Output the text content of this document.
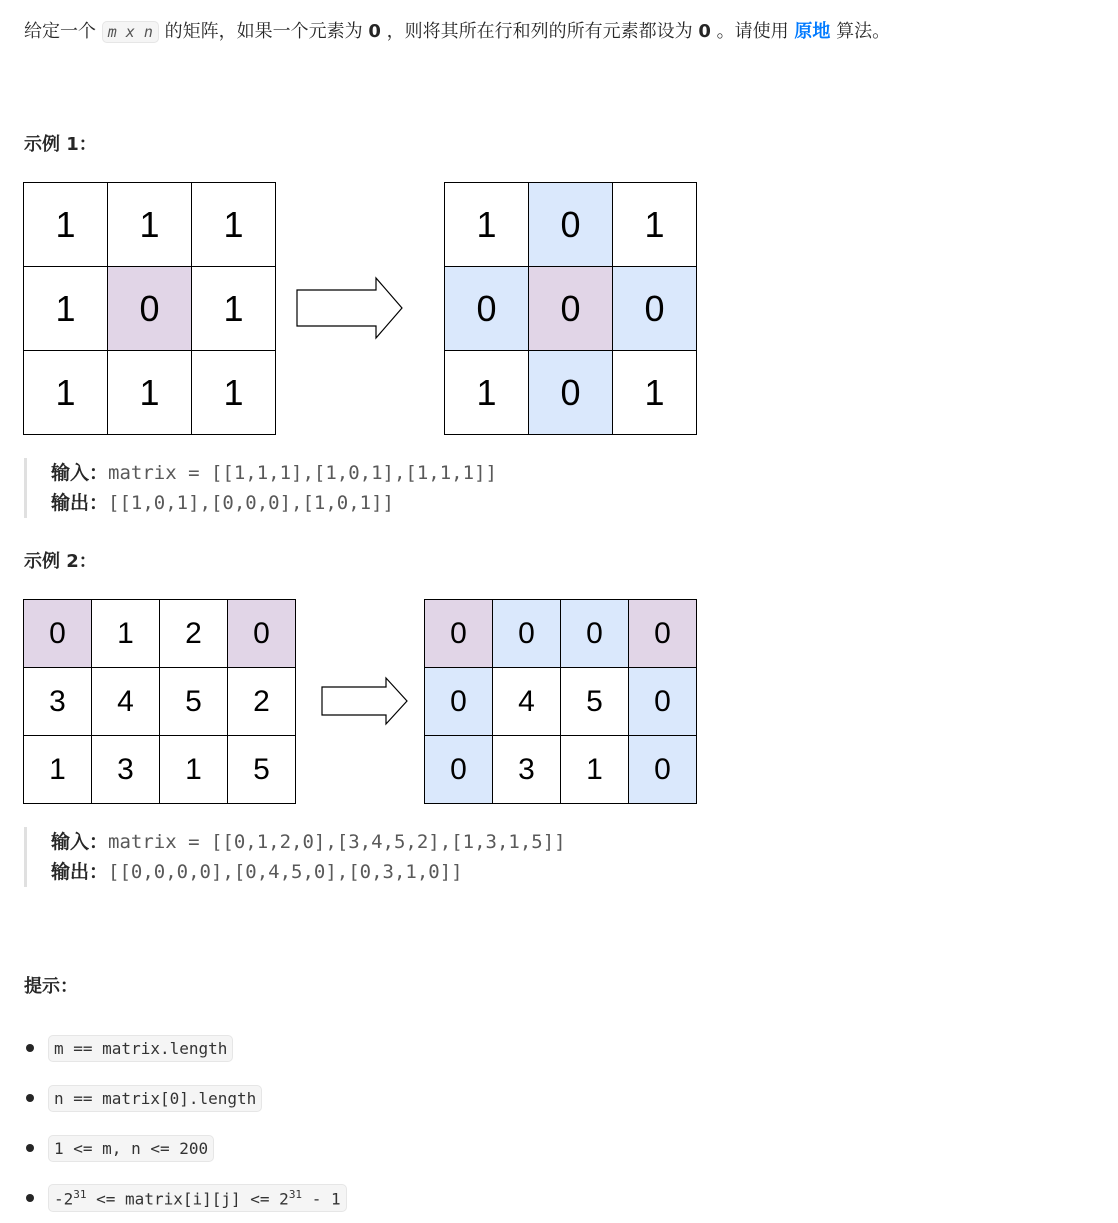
给定一个 m x n 的矩阵，如果一个元素为 0 ，则将其所在行和列的所有元素都设为 0 。请使用 原地 算法。
示例 1：
1	1	1
1	0	1
1	1	1
1	0	1
0	0	0
1	0	1
输入：matrix = [[1,1,1],[1,0,1],[1,1,1]]
输出：[[1,0,1],[0,0,0],[1,0,1]]
示例 2：
0	1	2	0
3	4	5	2
1	3	1	5
0	0	0	0
0	4	5	0
0	3	1	0
输入：matrix = [[0,1,2,0],[3,4,5,2],[1,3,1,5]]
输出：[[0,0,0,0],[0,4,5,0],[0,3,1,0]]
提示：
m == matrix.length
n == matrix[0].length
1 <= m, n <= 200
$-2^{31}$ <= matrix[i][j] <= $2^{31} - 1$
